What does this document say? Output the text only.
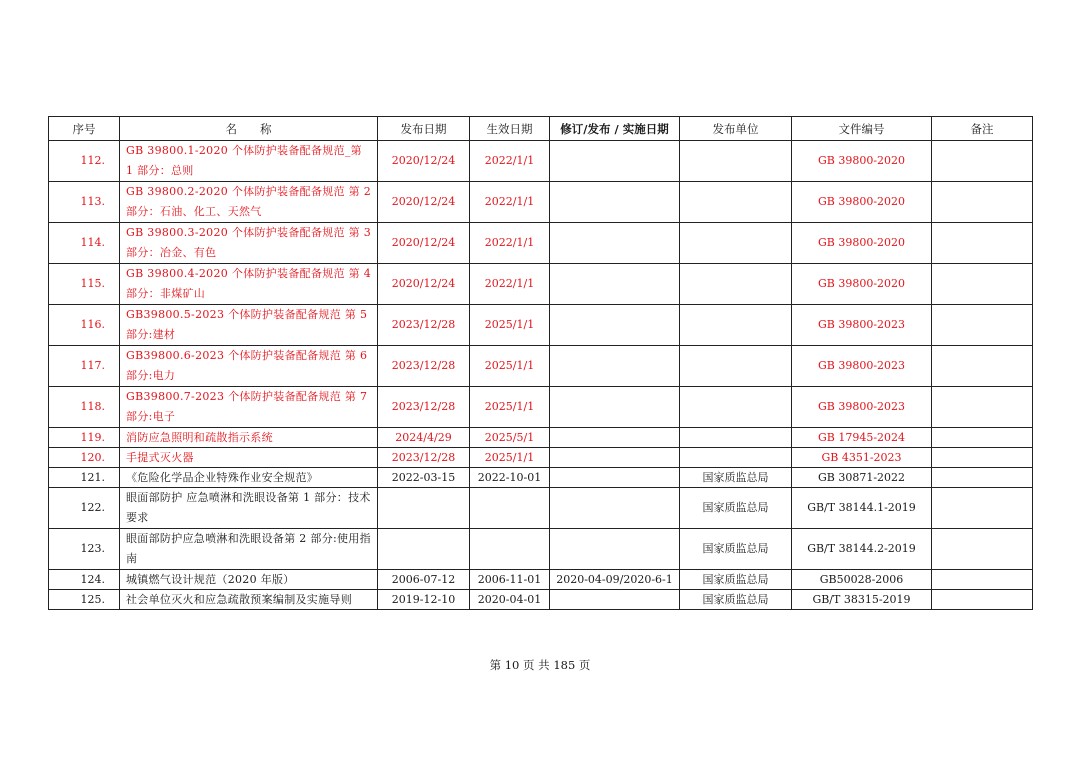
序号	名　　称	发布日期	生效日期	修订/发布 / 实施日期	发布单位	文件编号	备注
112.	GB 39800.1-2020 个体防护装备配备规范_第 1 部分：总则	2020/12/24	2022/1/1			GB 39800-2020	
113.	GB 39800.2-2020 个体防护装备配备规范 第 2 部分：石油、化工、天然气	2020/12/24	2022/1/1			GB 39800-2020	
114.	GB 39800.3-2020 个体防护装备配备规范 第 3 部分：冶金、有色	2020/12/24	2022/1/1			GB 39800-2020	
115.	GB 39800.4-2020 个体防护装备配备规范 第 4 部分：非煤矿山	2020/12/24	2022/1/1			GB 39800-2020	
116.	GB39800.5-2023 个体防护装备配备规范 第 5 部分:建材	2023/12/28	2025/1/1			GB 39800-2023	
117.	GB39800.6-2023 个体防护装备配备规范 第 6 部分:电力	2023/12/28	2025/1/1			GB 39800-2023	
118.	GB39800.7-2023 个体防护装备配备规范 第 7 部分:电子	2023/12/28	2025/1/1			GB 39800-2023	
119.	消防应急照明和疏散指示系统	2024/4/29	2025/5/1			GB 17945-2024	
120.	手提式灭火器	2023/12/28	2025/1/1			GB 4351-2023	
121.	《危险化学品企业特殊作业安全规范》	2022-03-15	2022-10-01		国家质监总局	GB 30871-2022	
122.	眼面部防护 应急喷淋和洗眼设备第 1 部分：技术要求				国家质监总局	GB/T 38144.1-2019	
123.	眼面部防护应急喷淋和洗眼设备第 2 部分:使用指南				国家质监总局	GB/T 38144.2-2019	
124.	城镇燃气设计规范（2020 年版）	2006-07-12	2006-11-01	2020-04-09/2020-6-1	国家质监总局	GB50028-2006	
125.	社会单位灭火和应急疏散预案编制及实施导则	2019-12-10	2020-04-01		国家质监总局	GB/T 38315-2019	
第 10 页 共 185 页
